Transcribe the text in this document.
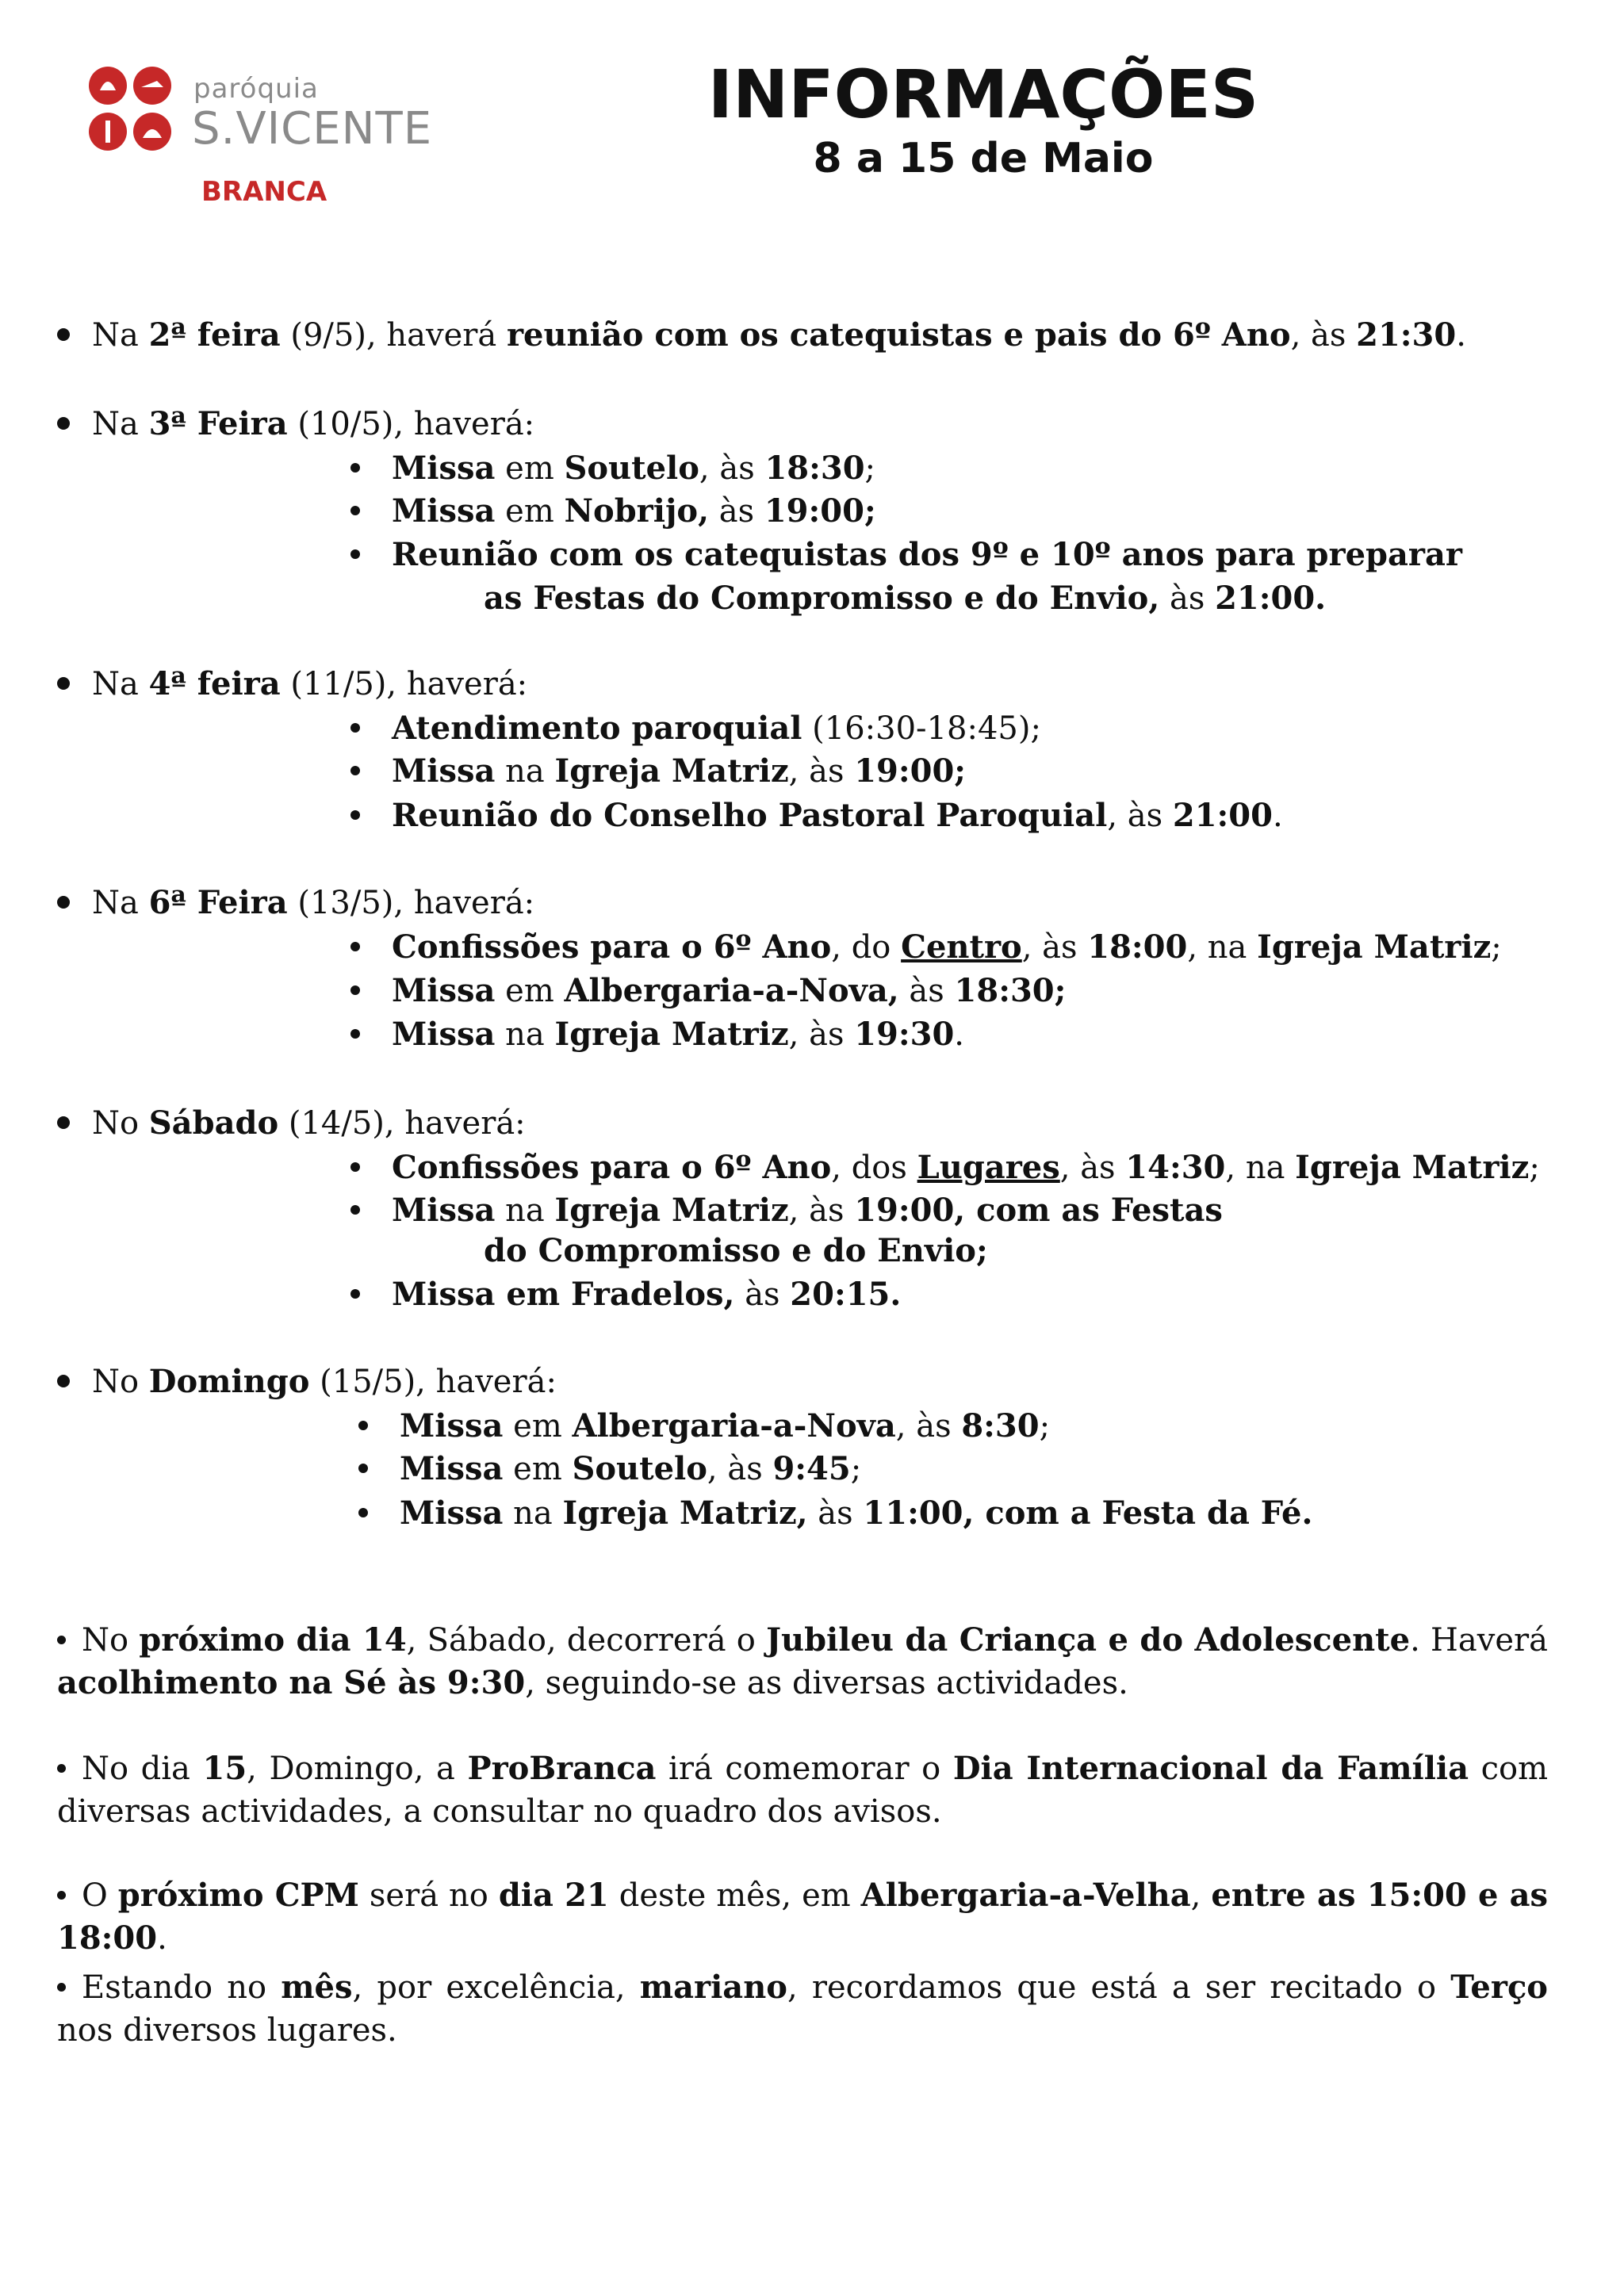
paróquia
S.VICENTE
BRANCA
INFORMAÇÕES
8 a 15 de Maio
Na 2ª feira (9/5), haverá reunião com os catequistas e pais do 6º Ano, às 21:30.
Na 3ª Feira (10/5), haverá:
Missa em Soutelo, às 18:30;
Missa em Nobrijo, às 19:00;
Reunião com os catequistas dos 9º e 10º anos para preparar
as Festas do Compromisso e do Envio, às 21:00.
Na 4ª feira (11/5), haverá:
Atendimento paroquial (16:30-18:45);
Missa na Igreja Matriz, às 19:00;
Reunião do Conselho Pastoral Paroquial, às 21:00.
Na 6ª Feira (13/5), haverá:
Confissões para o 6º Ano, do Centro, às 18:00, na Igreja Matriz;
Missa em Albergaria-a-Nova, às 18:30;
Missa na Igreja Matriz, às 19:30.
No Sábado (14/5), haverá:
Confissões para o 6º Ano, dos Lugares, às 14:30, na Igreja Matriz;
Missa na Igreja Matriz, às 19:00, com as Festas
do Compromisso e do Envio;
Missa em Fradelos, às 20:15.
No Domingo (15/5), haverá:
Missa em Albergaria-a-Nova, às 8:30;
Missa em Soutelo, às 9:45;
Missa na Igreja Matriz, às 11:00, com a Festa da Fé.
No próximo dia 14, Sábado, decorrerá o Jubileu da Criança e do Adolescente. Haverá acolhimento na Sé às 9:30, seguindo-se as diversas actividades.
No dia 15, Domingo, a ProBranca irá comemorar o Dia Internacional da Família com diversas actividades, a consultar no quadro dos avisos.
O próximo CPM será no dia 21 deste mês, em Albergaria-a-Velha, entre as 15:00 e as 18:00.
Estando no mês, por excelência, mariano, recordamos que está a ser recitado o Terço nos diversos lugares.
